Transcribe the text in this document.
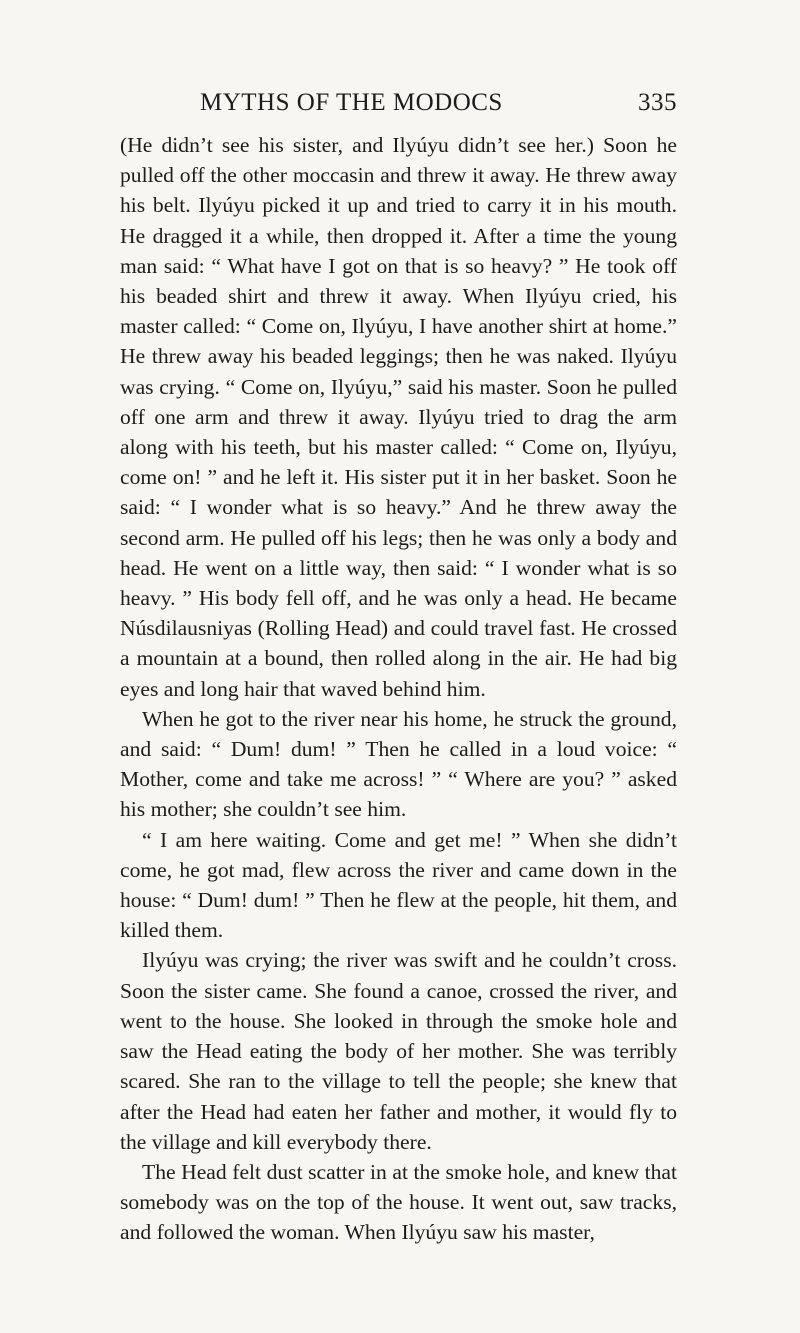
MYTHS OF THE MODOCS	335

(He didn’t see his sister, and Ilyúyu didn’t see her.) Soon he pulled off the other moccasin and threw it away. He threw away his belt. Ilyúyu picked it up and tried to carry it in his mouth. He dragged it a while, then dropped it. After a time the young man said: “ What have I got on that is so heavy? ” He took off his beaded shirt and threw it away. When Ilyúyu cried, his master called: “ Come on, Ilyúyu, I have another shirt at home.” He threw away his beaded leggings; then he was naked. Ilyúyu was crying. “ Come on, Ilyúyu,” said his master. Soon he pulled off one arm and threw it away. Ilyúyu tried to drag the arm along with his teeth, but his master called: “ Come on, Ilyúyu, come on! ” and he left it. His sister put it in her basket. Soon he said: “ I wonder what is so heavy.” And he threw away the second arm. He pulled off his legs; then he was only a body and head. He went on a little way, then said: “ I wonder what is so heavy. ” His body fell off, and he was only a head. He became Núsdilausniyas (Rolling Head) and could travel fast. He crossed a mountain at a bound, then rolled along in the air. He had big eyes and long hair that waved behind him.

When he got to the river near his home, he struck the ground, and said: “ Dum! dum! ” Then he called in a loud voice: “ Mother, come and take me across! ” “ Where are you? ” asked his mother; she couldn’t see him.

“ I am here waiting. Come and get me! ” When she didn’t come, he got mad, flew across the river and came down in the house: “ Dum! dum! ” Then he flew at the people, hit them, and killed them.

Ilyúyu was crying; the river was swift and he couldn’t cross. Soon the sister came. She found a canoe, crossed the river, and went to the house. She looked in through the smoke hole and saw the Head eating the body of her mother. She was terribly scared. She ran to the village to tell the people; she knew that after the Head had eaten her father and mother, it would fly to the village and kill everybody there.

The Head felt dust scatter in at the smoke hole, and knew that somebody was on the top of the house. It went out, saw tracks, and followed the woman. When Ilyúyu saw his master,
